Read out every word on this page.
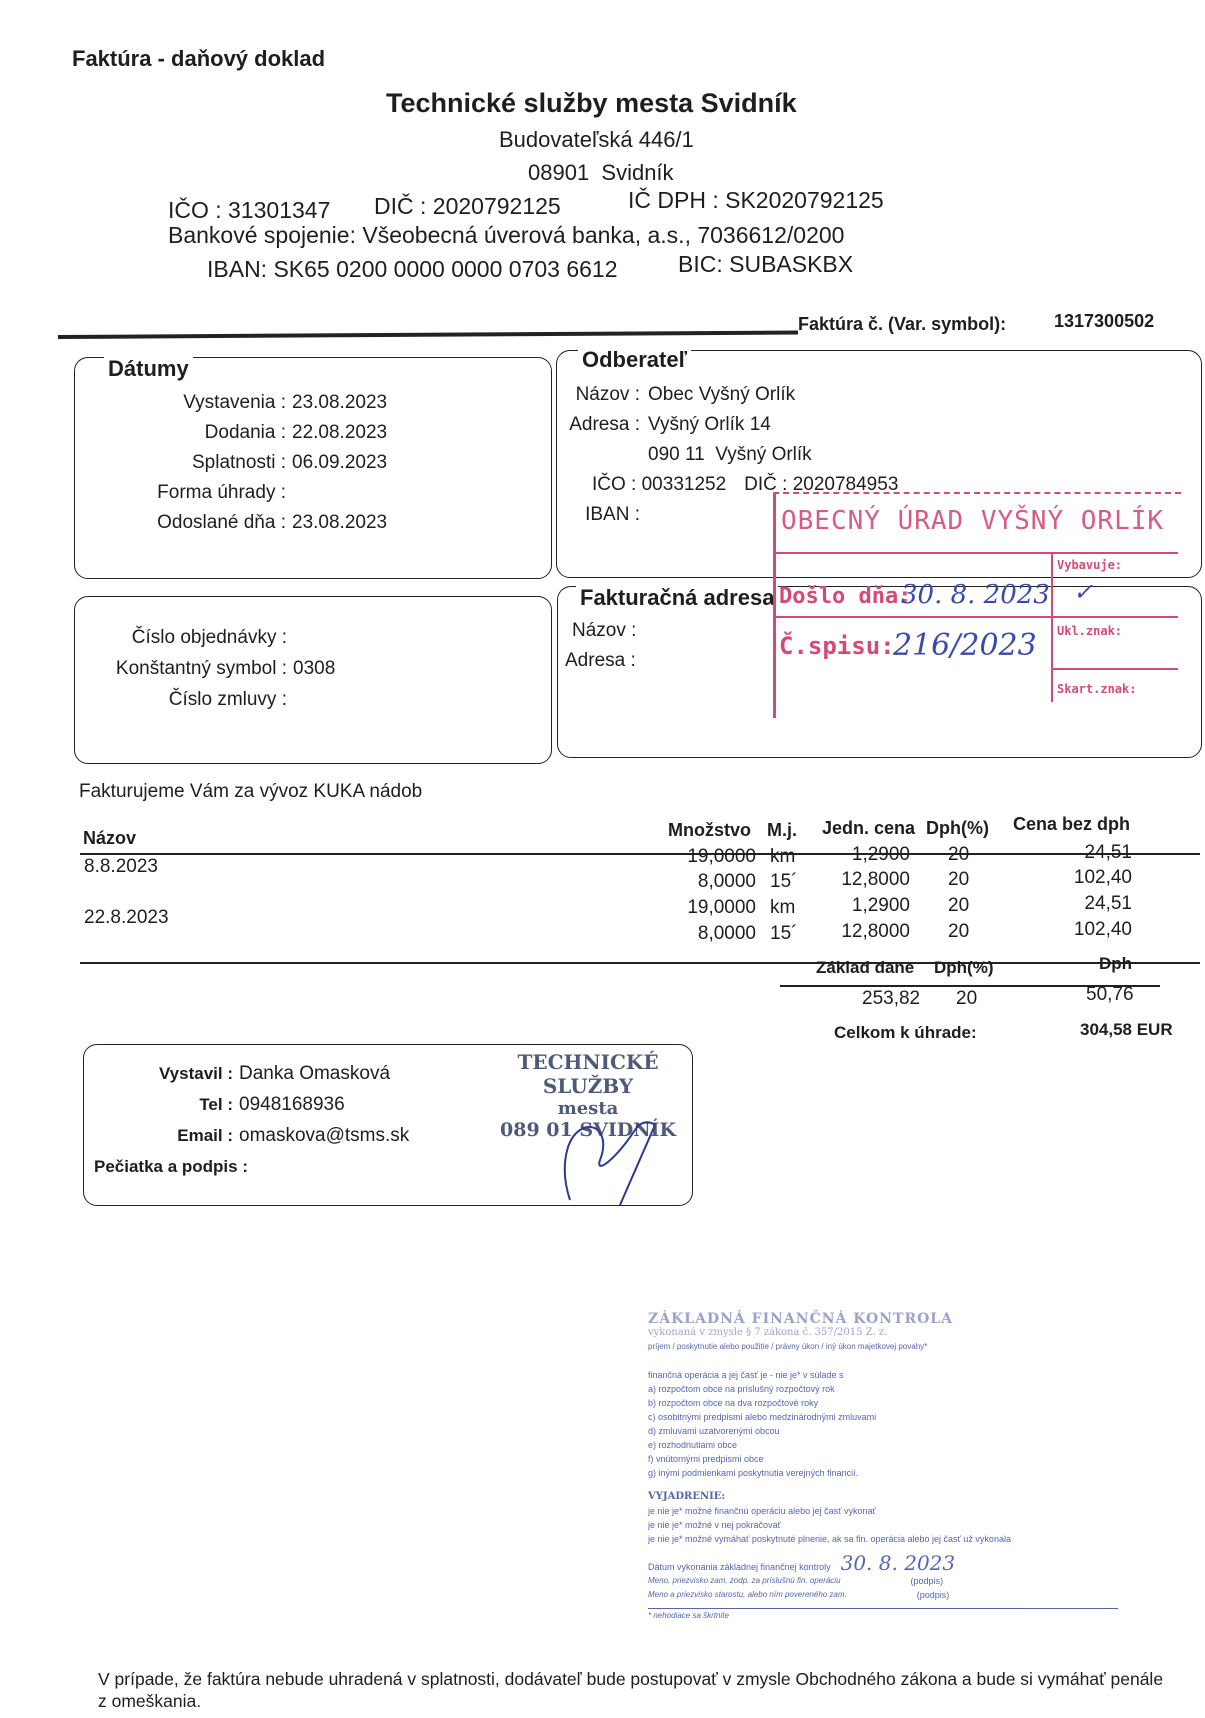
Faktúra - daňový doklad
Technické služby mesta Svidník
Budovateľská 446/1
08901  Svidník
IČO : 31301347 DIČ : 2020792125	IČ DPH : SK2020792125
Bankové spojenie: Všeobecná úverová banka, a.s., 7036612/0200
IBAN: SK65 0200 0000 0000 0703 6612	BIC: SUBASKBX
Faktúra č. (Var. symbol):	1317300502
Dátumy
Vystavenia : 23.08.2023
Dodania : 22.08.2023
Splatnosti : 06.09.2023
Forma úhrady :
Odoslané dňa : 23.08.2023
Odberateľ
Názov : Obec Vyšný Orlík
Adresa : Vyšný Orlík 14
090 11  Vyšný Orlík
IČO : 00331252 DIČ : 2020784953
IBAN :
Číslo objednávky :
Konštantný symbol : 0308
Číslo zmluvy :
Fakturačná adresa
Názov :
Adresa :
OBECNÝ ÚRAD VYŠNÝ ORLÍK
Došlo dňa:
30. 8. 2023
Č.spisu:
216/2023
Vybavuje:
✓
Ukl.znak:
Skart.znak:
Fakturujeme Vám za vývoz KUKA nádob
Názov	Množstvo M.j. Jedn. cena Dph(%) Cena bez dph
8.8.2023	19,0000 km	1,2900 20	24,51
8,0000 15´	12,8000 20	102,40
22.8.2023	19,0000 km	1,2900 20	24,51
8,0000 15´	12,8000 20	102,40
Základ dane Dph(%)	Dph
253,82 20	50,76
Celkom k úhrade:	304,58 EUR
Vystavil : Danka Omasková
Tel : 0948168936
Email : omaskova@tsms.sk
Pečiatka a podpis :
TECHNICKÉ SLUŽBY
mesta
089 01 SVIDNÍK
ZÁKLADNÁ FINANČNÁ KONTROLA
vykonaná v zmysle § 7 zákona č. 357/2015 Z. z.
príjem / poskytnutie alebo použitie / právny úkon / iný úkon majetkovej povahy*
finančná operácia a jej časť je - nie je* v súlade s
a) rozpočtom obce na príslušný rozpočtový rok
b) rozpočtom obce na dva rozpočtové roky
c) osobitnými predpismi alebo medzinárodnými zmluvami
d) zmluvami uzatvorenými obcou
e) rozhodnutiami obce
f) vnútornými predpismi obce
g) inými podmienkami poskytnutia verejných financií.
VYJADRENIE:
je nie je* možné finančnú operáciu alebo jej časť vykonať
je nie je* možné v nej pokračovať
je nie je* možné vymáhať poskytnuté plnenie, ak sa fin. operácia alebo jej časť už vykonala
Dátum vykonania základnej finančnej kontroly 30. 8. 2023
Meno, priezvisko zam. zodp. za príslušnú fin. operáciu	(podpis)
Meno a priezvisko starostu, alebo ním povereného zam.	(podpis)
* nehodiace sa škrtnite
V prípade, že faktúra nebude uhradená v splatnosti, dodávateľ bude postupovať v zmysle Obchodného zákona a bude si vymáhať penále z omeškania.
